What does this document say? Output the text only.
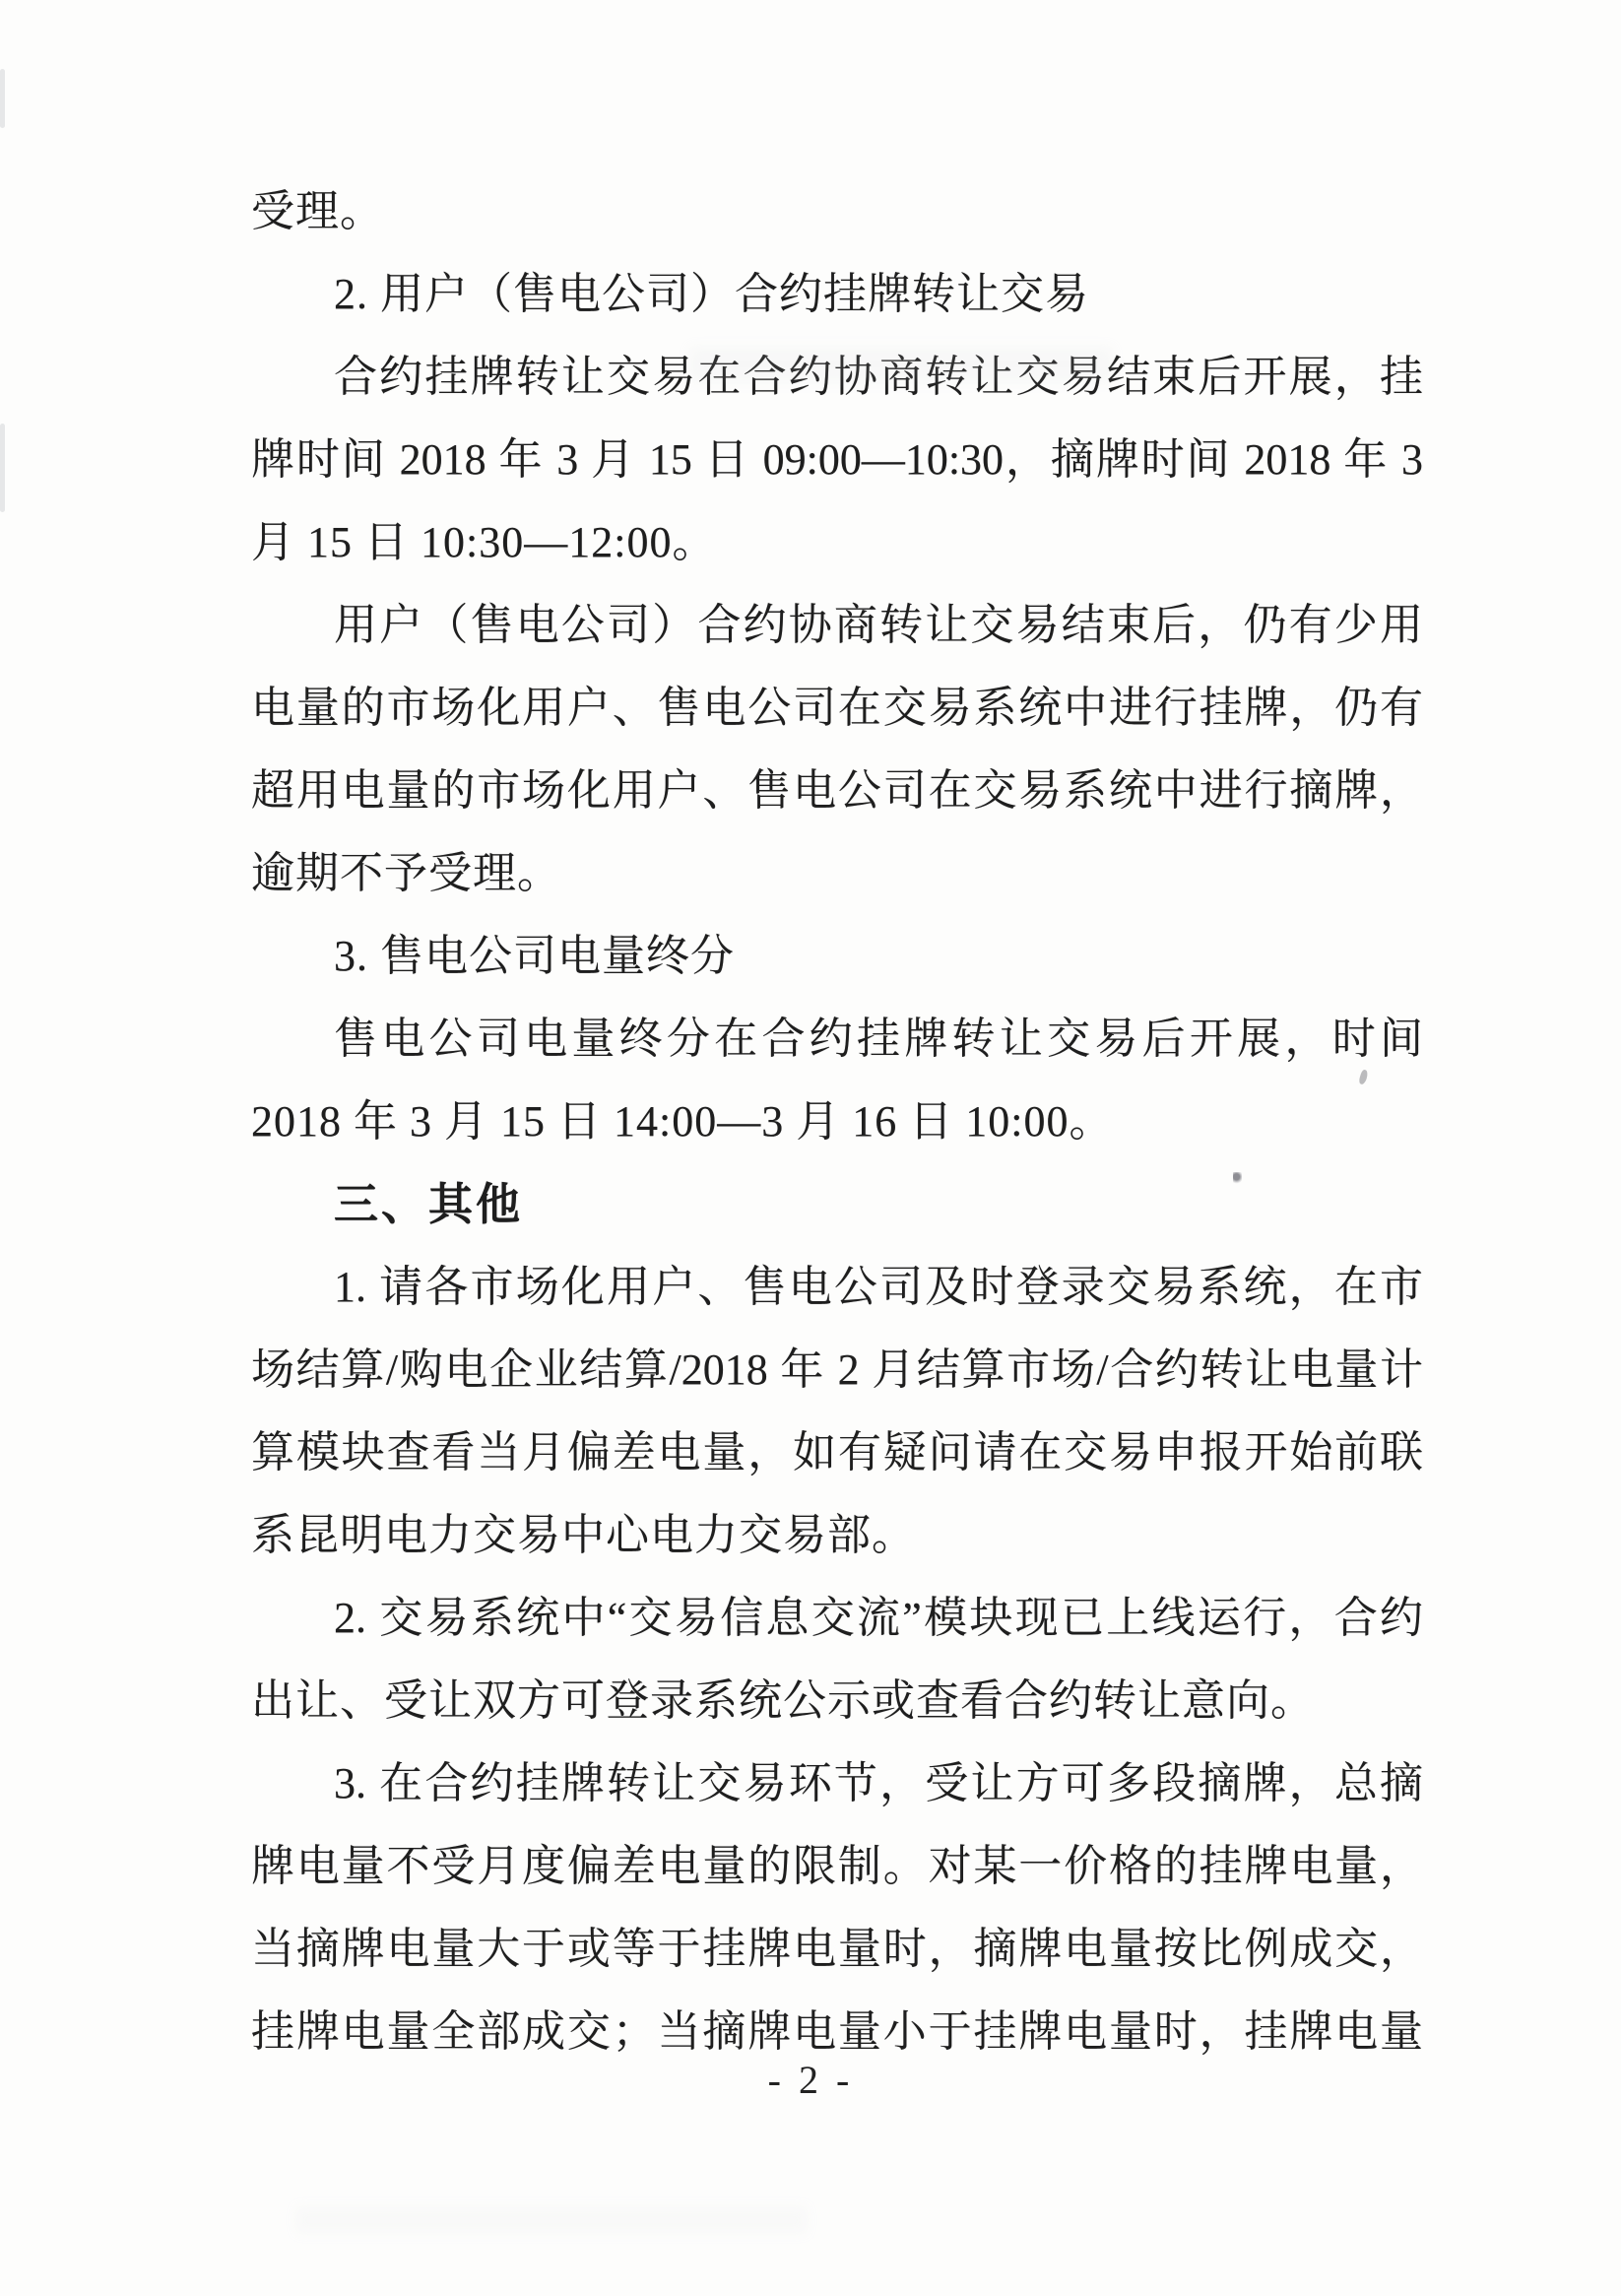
受理。
2. 用户（售电公司）合约挂牌转让交易
合约挂牌转让交易在合约协商转让交易结束后开展，挂
牌时间 2018 年 3 月 15 日 09:00—10:30，摘牌时间 2018 年 3
月 15 日 10:30—12:00。
用户（售电公司）合约协商转让交易结束后，仍有少用
电量的市场化用户、售电公司在交易系统中进行挂牌，仍有
超用电量的市场化用户、售电公司在交易系统中进行摘牌，
逾期不予受理。
3. 售电公司电量终分
售电公司电量终分在合约挂牌转让交易后开展，时间
2018 年 3 月 15 日 14:00—3 月 16 日 10:00。
三、其他
1. 请各市场化用户、售电公司及时登录交易系统，在市
场结算/购电企业结算/2018 年 2 月结算市场/合约转让电量计
算模块查看当月偏差电量，如有疑问请在交易申报开始前联
系昆明电力交易中心电力交易部。
2. 交易系统中“交易信息交流”模块现已上线运行，合约
出让、受让双方可登录系统公示或查看合约转让意向。
3. 在合约挂牌转让交易环节，受让方可多段摘牌，总摘
牌电量不受月度偏差电量的限制。对某一价格的挂牌电量，
当摘牌电量大于或等于挂牌电量时，摘牌电量按比例成交，
挂牌电量全部成交；当摘牌电量小于挂牌电量时，挂牌电量
- 2 -
